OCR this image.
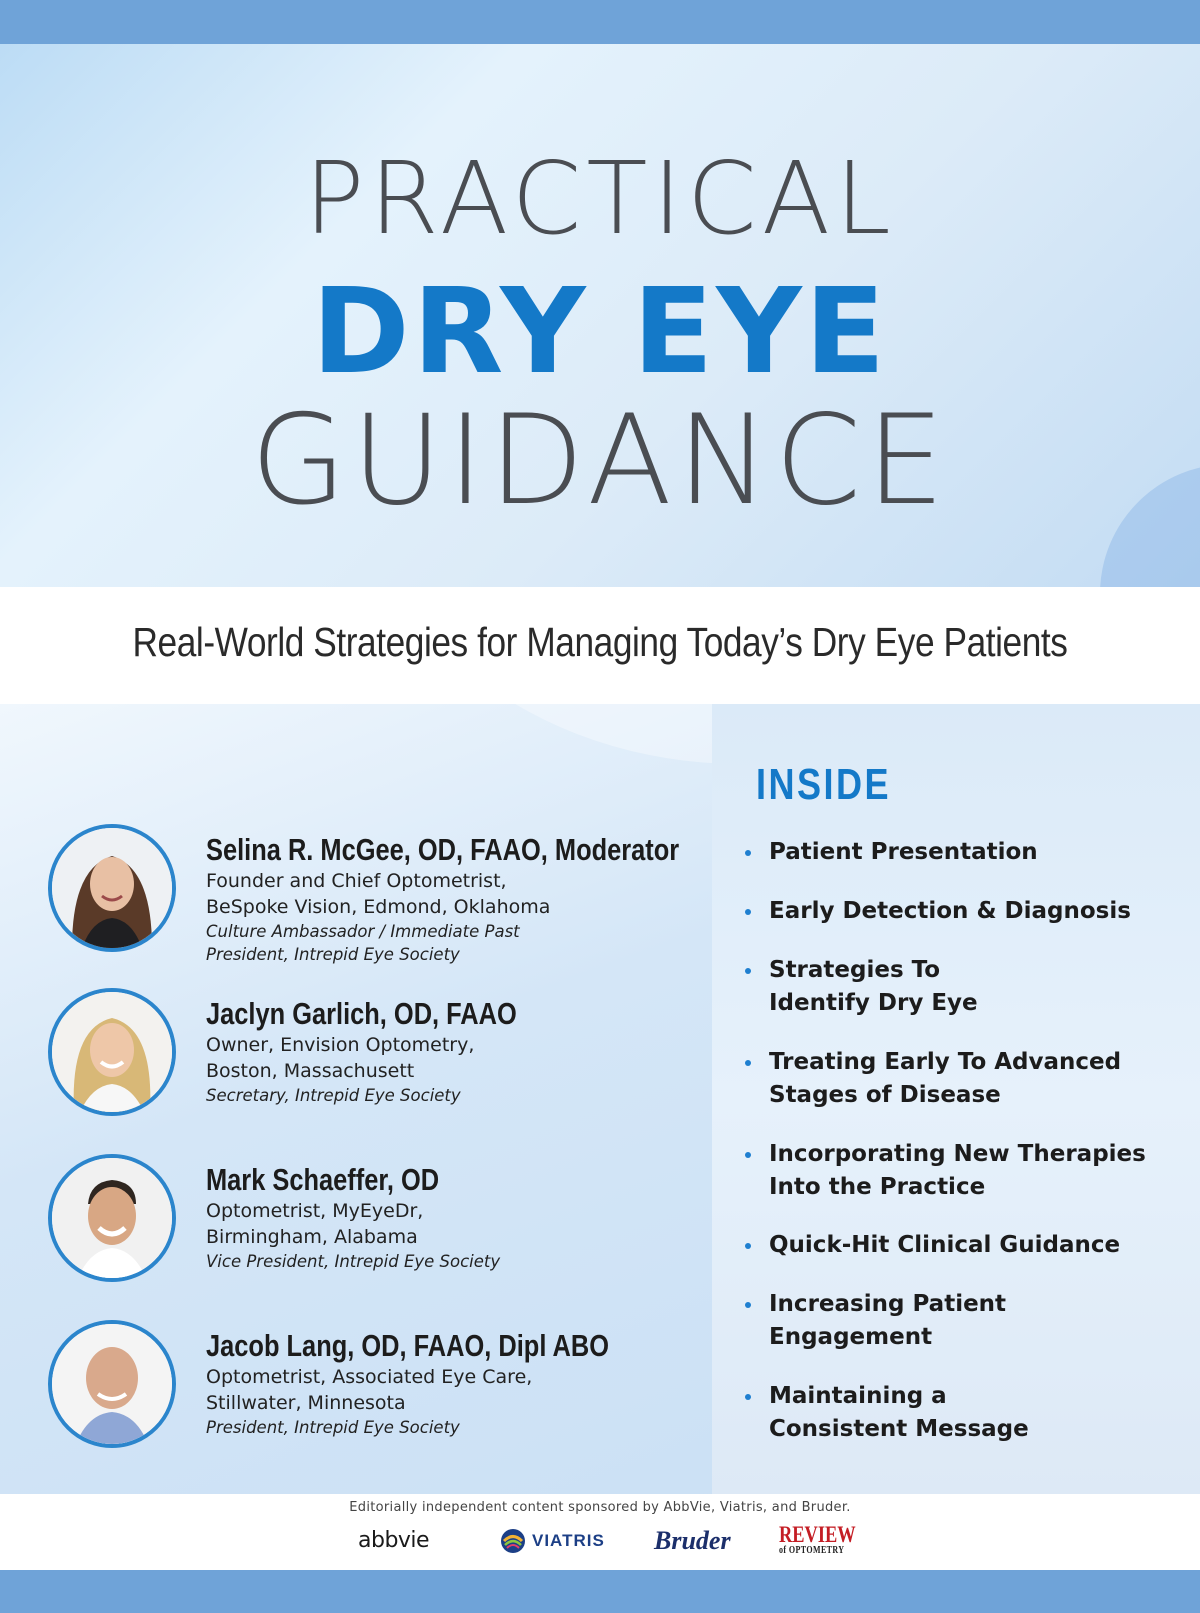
PRACTICAL
DRY EYE
GUIDANCE
Real-World Strategies for Managing Today’s Dry Eye Patients
Selina R. McGee, OD, FAAO, Moderator
Founder and Chief Optometrist,
BeSpoke Vision, Edmond, Oklahoma
Culture Ambassador / Immediate Past
President, Intrepid Eye Society
Jaclyn Garlich, OD, FAAO
Owner, Envision Optometry,
Boston, Massachusett
Secretary, Intrepid Eye Society
Mark Schaeffer, OD
Optometrist, MyEyeDr,
Birmingham, Alabama
Vice President, Intrepid Eye Society
Jacob Lang, OD, FAAO, Dipl ABO
Optometrist, Associated Eye Care,
Stillwater, Minnesota
President, Intrepid Eye Society
INSIDE
Patient Presentation
Early Detection & Diagnosis
Strategies To
Identify Dry Eye
Treating Early To Advanced
Stages of Disease
Incorporating New Therapies
Into the Practice
Quick-Hit Clinical Guidance
Increasing Patient
Engagement
Maintaining a
Consistent Message
Editorially independent content sponsored by AbbVie, Viatris, and Bruder.
abbvie	VIATRIS Bruder REVIEW
of OPTOMETRY
